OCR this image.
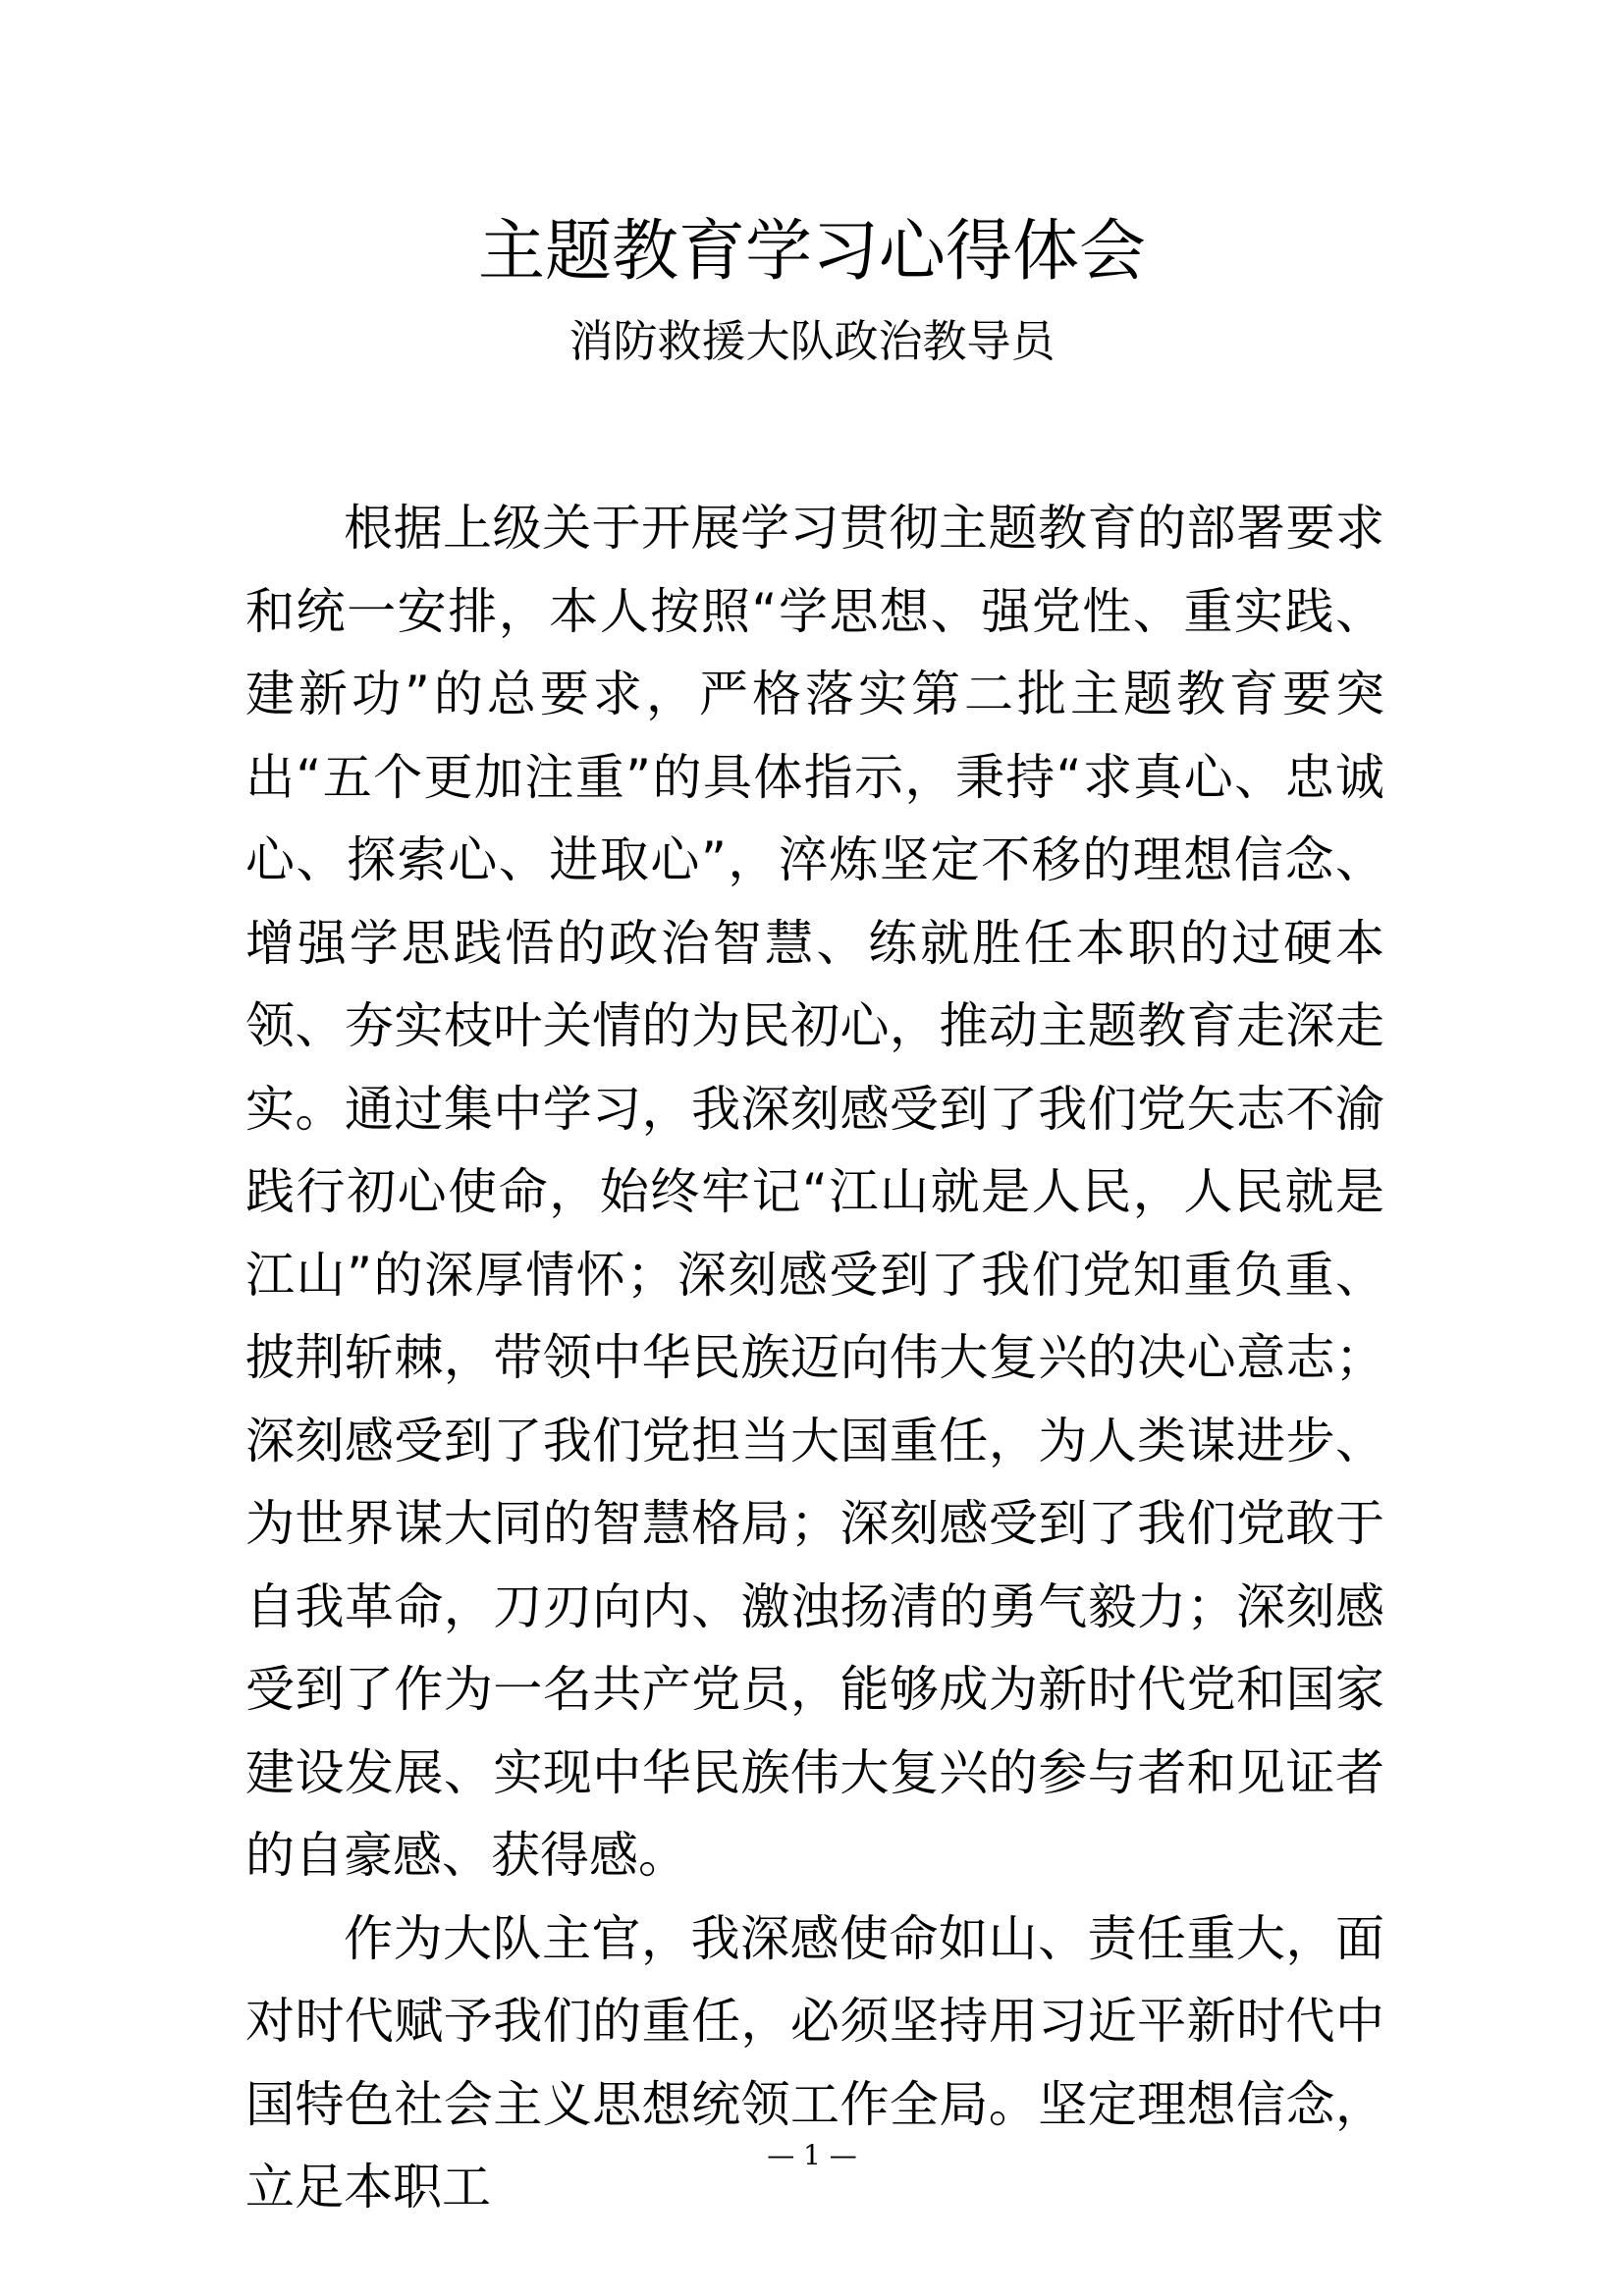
主题教育学习心得体会
消防救援大队政治教导员

根据上级关于开展学习贯彻主题教育的部署要求和统一安排，本人按照“学思想、强党性、重实践、建新功”的总要求，严格落实第二批主题教育要突出“五个更加注重”的具体指示，秉持“求真心、忠诚心、探索心、进取心”，淬炼坚定不移的理想信念、增强学思践悟的政治智慧、练就胜任本职的过硬本领、夯实枝叶关情的为民初心，推动主题教育走深走实。通过集中学习，我深刻感受到了我们党矢志不渝践行初心使命，始终牢记“江山就是人民，人民就是江山”的深厚情怀；深刻感受到了我们党知重负重、披荆斩棘，带领中华民族迈向伟大复兴的决心意志；深刻感受到了我们党担当大国重任，为人类谋进步、为世界谋大同的智慧格局；深刻感受到了我们党敢于自我革命，刀刃向内、激浊扬清的勇气毅力；深刻感受到了作为一名共产党员，能够成为新时代党和国家建设发展、实现中华民族伟大复兴的参与者和见证者的自豪感、获得感。

作为大队主官，我深感使命如山、责任重大，面对时代赋予我们的重任，必须坚持用习近平新时代中国特色社会主义思想统领工作全局。坚定理想信念，立足本职工

— 1 —
